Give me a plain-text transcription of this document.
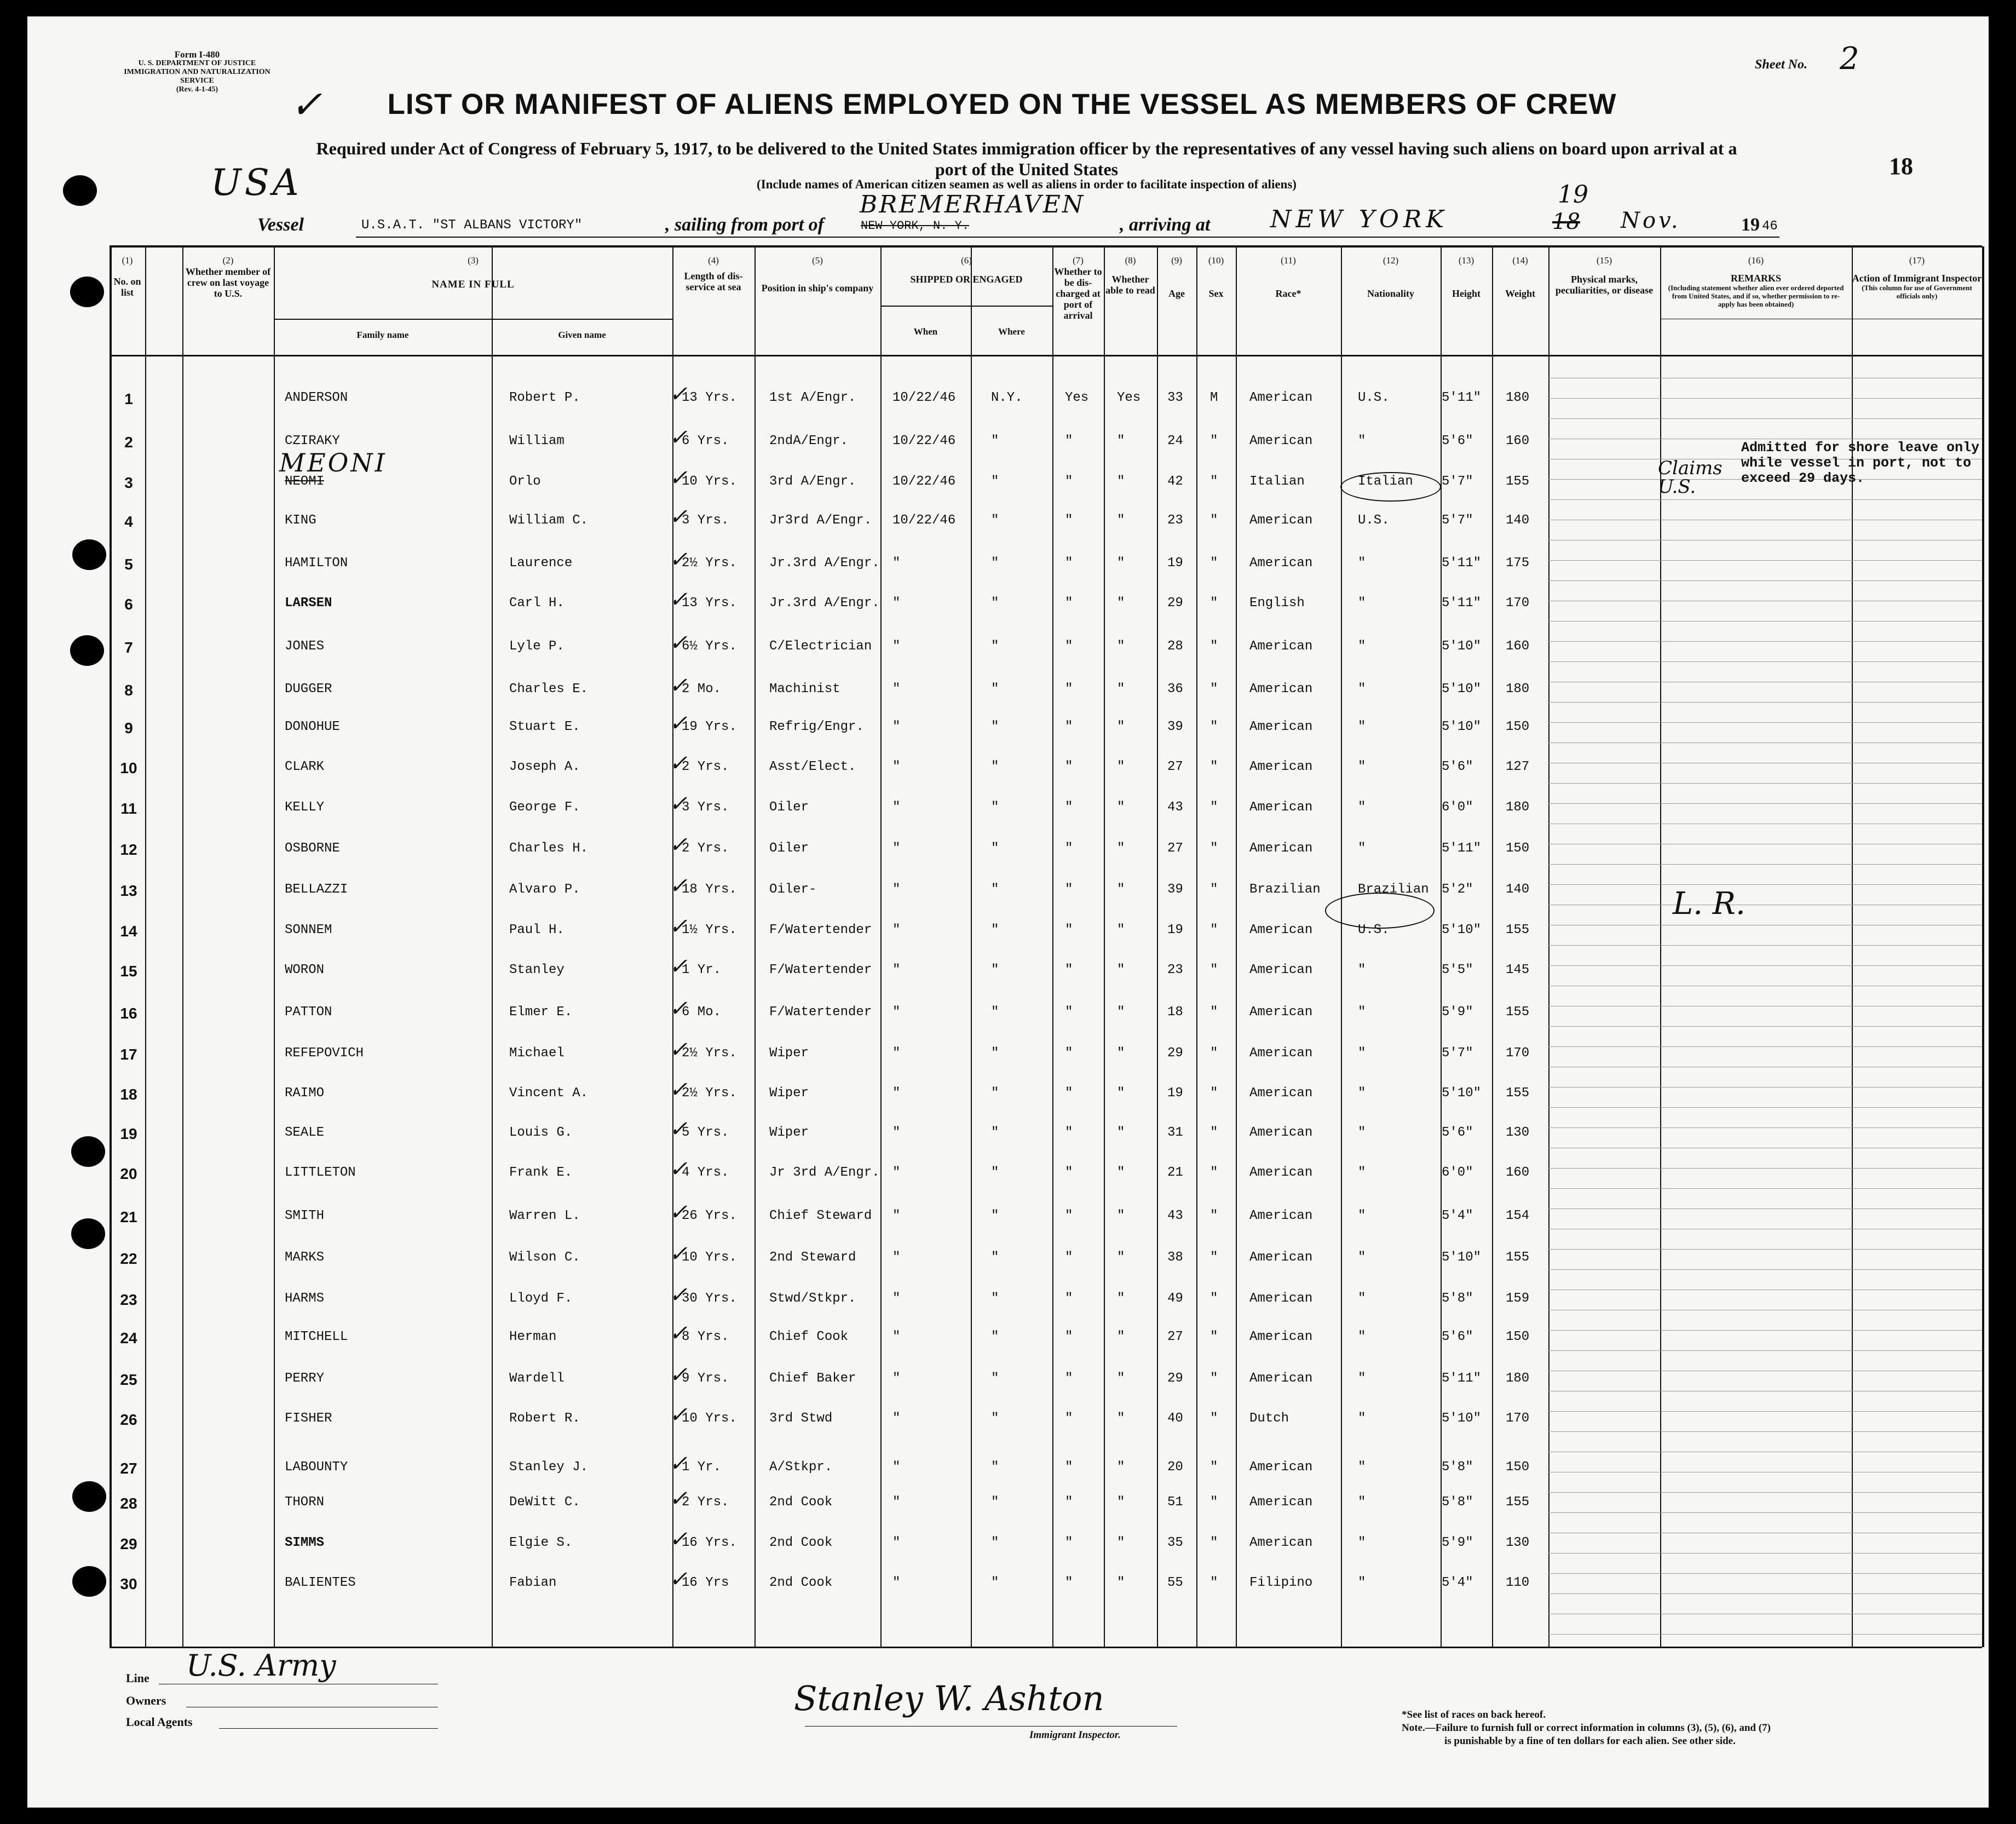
Form I-480
U. S. DEPARTMENT OF JUSTICE
IMMIGRATION AND NATURALIZATION SERVICE
(Rev. 4-1-45)	✓
Sheet No. 2
18
LIST OR MANIFEST OF ALIENS EMPLOYED ON THE VESSEL AS MEMBERS OF CREW
Required under Act of Congress of February 5, 1917, to be delivered to the United States immigration officer by the representatives of any vessel having such aliens on board upon arrival at a
port of the United States
(Include names of American citizen seamen as well as aliens in order to facilitate inspection of aliens)
USA
Vessel	U.S.A.T. "ST ALBANS VICTORY"	, sailing from port of
BREMERHAVEN
NEW YORK, N. Y.	, arriving at NEW YORK
19
18 Nov.	19 46
(1)
No. on list
(2)
Whether member of crew on last voyage to U.S.
(3)
NAME IN FULL
Family name	Given name
(4)
Length of dis-service at sea
(5)
Position in ship's company
(6)
SHIPPED OR ENGAGED
When	Where
(7)
Whether to be dis-charged at port of arrival
(8)
Whether able to read
(9)
Age
(10)
Sex
(11)
Race*
(12)
Nationality
(13)
Height
(14)
Weight
(15)
Physical marks, peculiarities, or disease
(16)
REMARKS
(Including statement whether alien ever ordered deported from United States, and if so, whether permission to re-apply has been obtained)
(17)
Action of Immigrant Inspector
(This column for use of Government officials only)
1	ANDERSON	Robert P.	13 Yrs. 1st A/Engr.	10/22/46	N.Y.	Yes Yes 33 M American	U.S.	5'11" 180
✓
2	CZIRAKY	William	6 Yrs.	2ndA/Engr.	10/22/46	"	"	"	24 " American	"	5'6" 160
✓
3	NEOMI	Orlo	10 Yrs. 3rd A/Engr.	10/22/46	"	"	"	42 " Italian	Italian 5'7" 155
✓
4	KING	William C.	3 Yrs.	Jr3rd A/Engr. 10/22/46	"	"	"	23 " American	U.S.	5'7" 140
✓
5	HAMILTON	Laurence	2½ Yrs. Jr.3rd A/Engr. "	"	"	"	19 " American	"	5'11" 175
✓
6	LARSEN	Carl H.	13 Yrs. Jr.3rd A/Engr. "	"	"	"	29 " English	"	5'11" 170
✓
7	JONES	Lyle P.	6½ Yrs. C/Electrician "	"	"	"	28 " American	"	5'10" 160
✓
8	DUGGER	Charles E.	2 Mo.	Machinist	"	"	"	"	36 " American	"	5'10" 180
✓
9	DONOHUE	Stuart E.	19 Yrs. Refrig/Engr. "	"	"	"	39 " American	"	5'10" 150
✓
10	CLARK	Joseph A.	2 Yrs.	Asst/Elect.	"	"	"	"	27 " American	"	5'6" 127
✓
11	KELLY	George F.	3 Yrs.	Oiler	"	"	"	"	43 " American	"	6'0" 180
✓
12	OSBORNE	Charles H.	2 Yrs.	Oiler	"	"	"	"	27 " American	"	5'11" 150
✓
13	BELLAZZI	Alvaro P.	18 Yrs. Oiler-	"	"	"	"	39 " Brazilian	Brazilian 5'2" 140
✓
14	SONNEM	Paul H.	1½ Yrs. F/Watertender "	"	"	"	19 " American	U.S.	5'10" 155
✓
15	WORON	Stanley	1 Yr.	F/Watertender "	"	"	"	23 " American	"	5'5" 145
✓
16	PATTON	Elmer E.	6 Mo.	F/Watertender "	"	"	"	18 " American	"	5'9" 155
✓
17	REFEPOVICH	Michael	2½ Yrs. Wiper	"	"	"	"	29 " American	"	5'7" 170
✓
18	RAIMO	Vincent A.	2½ Yrs. Wiper	"	"	"	"	19 " American	"	5'10" 155
✓
19	SEALE	Louis G.	5 Yrs.	Wiper	"	"	"	"	31 " American	"	5'6" 130
✓
20	LITTLETON	Frank E.	4 Yrs.	Jr 3rd A/Engr. "	"	"	"	21 " American	"	6'0" 160
✓
21	SMITH	Warren L.	26 Yrs. Chief Steward "	"	"	"	43 " American	"	5'4" 154
✓
22	MARKS	Wilson C.	10 Yrs. 2nd Steward	"	"	"	"	38 " American	"	5'10" 155
✓
23	HARMS	Lloyd F.	30 Yrs. Stwd/Stkpr.	"	"	"	"	49 " American	"	5'8" 159
✓
24	MITCHELL	Herman	8 Yrs.	Chief Cook	"	"	"	"	27 " American	"	5'6" 150
✓
25	PERRY	Wardell	9 Yrs.	Chief Baker	"	"	"	"	29 " American	"	5'11" 180
✓
26	FISHER	Robert R.	10 Yrs. 3rd Stwd	"	"	"	"	40 " Dutch	"	5'10" 170
✓
27	LABOUNTY	Stanley J.	1 Yr.	A/Stkpr.	"	"	"	"	20 " American	"	5'8" 150
✓
28	THORN	DeWitt C.	2 Yrs.	2nd Cook	"	"	"	"	51 " American	"	5'8" 155
✓
29	SIMMS	Elgie S.	16 Yrs. 2nd Cook	"	"	"	"	35 " American	"	5'9" 130
✓
30	BALIENTES	Fabian	16 Yrs	2nd Cook	"	"	"	"	55 " Filipino	"	5'4" 110
✓
MEONI	Claims U.S.
Admitted for shore leave only
while vessel in port, not to
exceed 29 days.
L. R.
Line U.S. Army
Owners
Local Agents
Stanley W. Ashton
Immigrant Inspector.
*See list of races on back hereof.
Note.—Failure to furnish full or correct information in columns (3), (5), (6), and (7)
is punishable by a fine of ten dollars for each alien. See other side.
